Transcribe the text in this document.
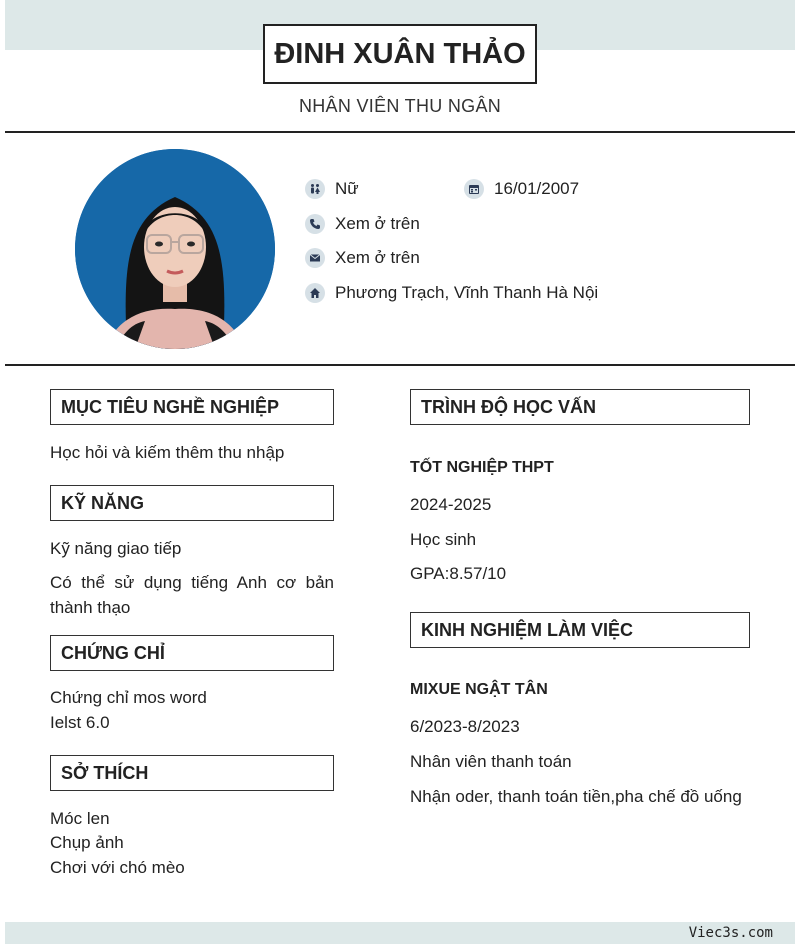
ĐINH XUÂN THẢO
NHÂN VIÊN THU NGÂN
Nữ	16/01/2007
Xem ở trên
Xem ở trên
Phương Trạch, Vĩnh Thanh Hà Nội
MỤC TIÊU NGHỀ NGHIỆP
Học hỏi và kiếm thêm thu nhập
KỸ NĂNG
Kỹ năng giao tiếp
Có thể sử dụng tiếng Anh cơ bản thành thạo
CHỨNG CHỈ
Chứng chỉ mos word
Ielst 6.0
SỞ THÍCH
Móc len
Chụp ảnh
Chơi với chó mèo
TRÌNH ĐỘ HỌC VẤN
TỐT NGHIỆP THPT
2024-2025
Học sinh
GPA:8.57/10
KINH NGHIỆM LÀM VIỆC
MIXUE NGẬT TÂN
6/2023-8/2023
Nhân viên thanh toán
Nhận oder, thanh toán tiền,pha chế đồ uống
Viec3s.com
